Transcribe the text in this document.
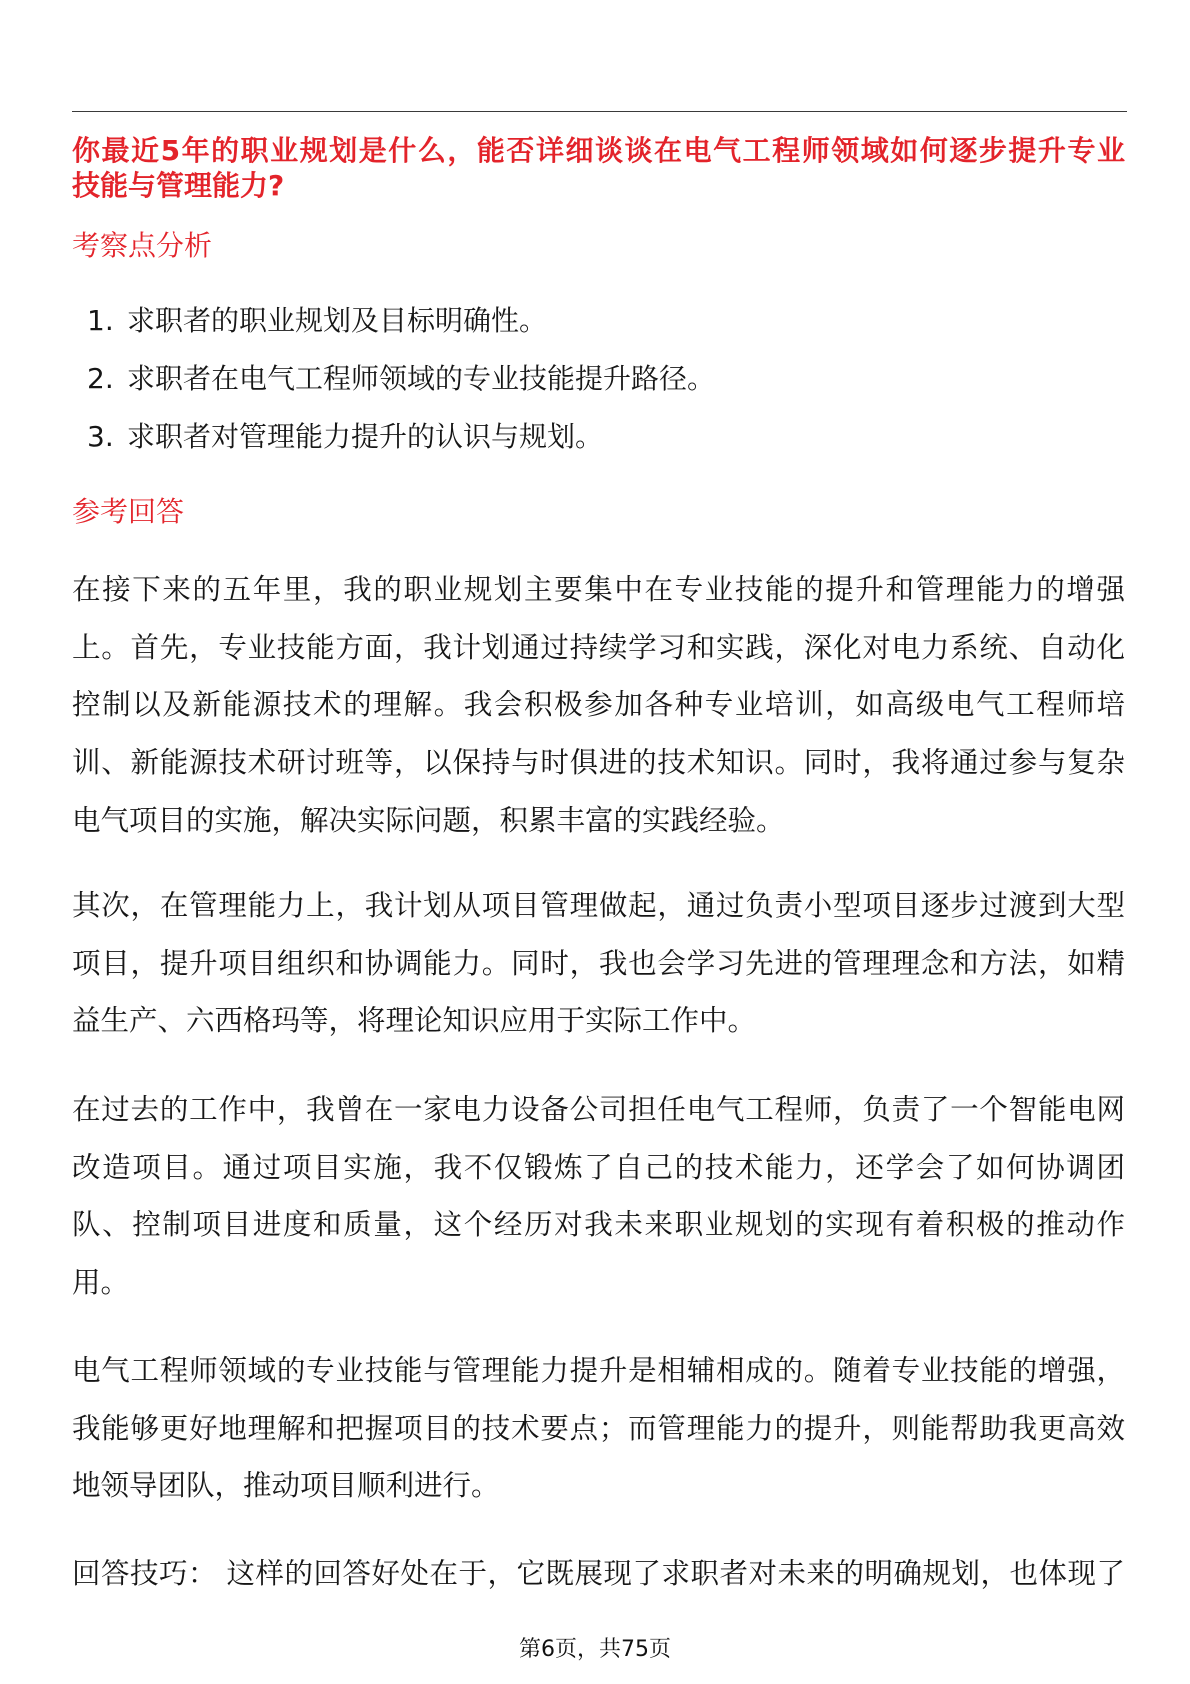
你最近5年的职业规划是什么，能否详细谈谈在电气工程师领域如何逐步提升专业
技能与管理能力?
考察点分析
1. 求职者的职业规划及目标明确性。
2. 求职者在电气工程师领域的专业技能提升路径。
3. 求职者对管理能力提升的认识与规划。
参考回答
在接下来的五年里，我的职业规划主要集中在专业技能的提升和管理能力的增强
上。首先，专业技能方面，我计划通过持续学习和实践，深化对电力系统、自动化
控制以及新能源技术的理解。我会积极参加各种专业培训，如高级电气工程师培
训、新能源技术研讨班等，以保持与时俱进的技术知识。同时，我将通过参与复杂
电气项目的实施，解决实际问题，积累丰富的实践经验。
其次，在管理能力上，我计划从项目管理做起，通过负责小型项目逐步过渡到大型
项目，提升项目组织和协调能力。同时，我也会学习先进的管理理念和方法，如精
益生产、六西格玛等，将理论知识应用于实际工作中。
在过去的工作中，我曾在一家电力设备公司担任电气工程师，负责了一个智能电网
改造项目。通过项目实施，我不仅锻炼了自己的技术能力，还学会了如何协调团
队、控制项目进度和质量，这个经历对我未来职业规划的实现有着积极的推动作
用。
电气工程师领域的专业技能与管理能力提升是相辅相成的。随着专业技能的增强，
我能够更好地理解和把握项目的技术要点；而管理能力的提升，则能帮助我更高效
地领导团队，推动项目顺利进行。
回答技巧： 这样的回答好处在于，它既展现了求职者对未来的明确规划，也体现了
第6页，共75页
